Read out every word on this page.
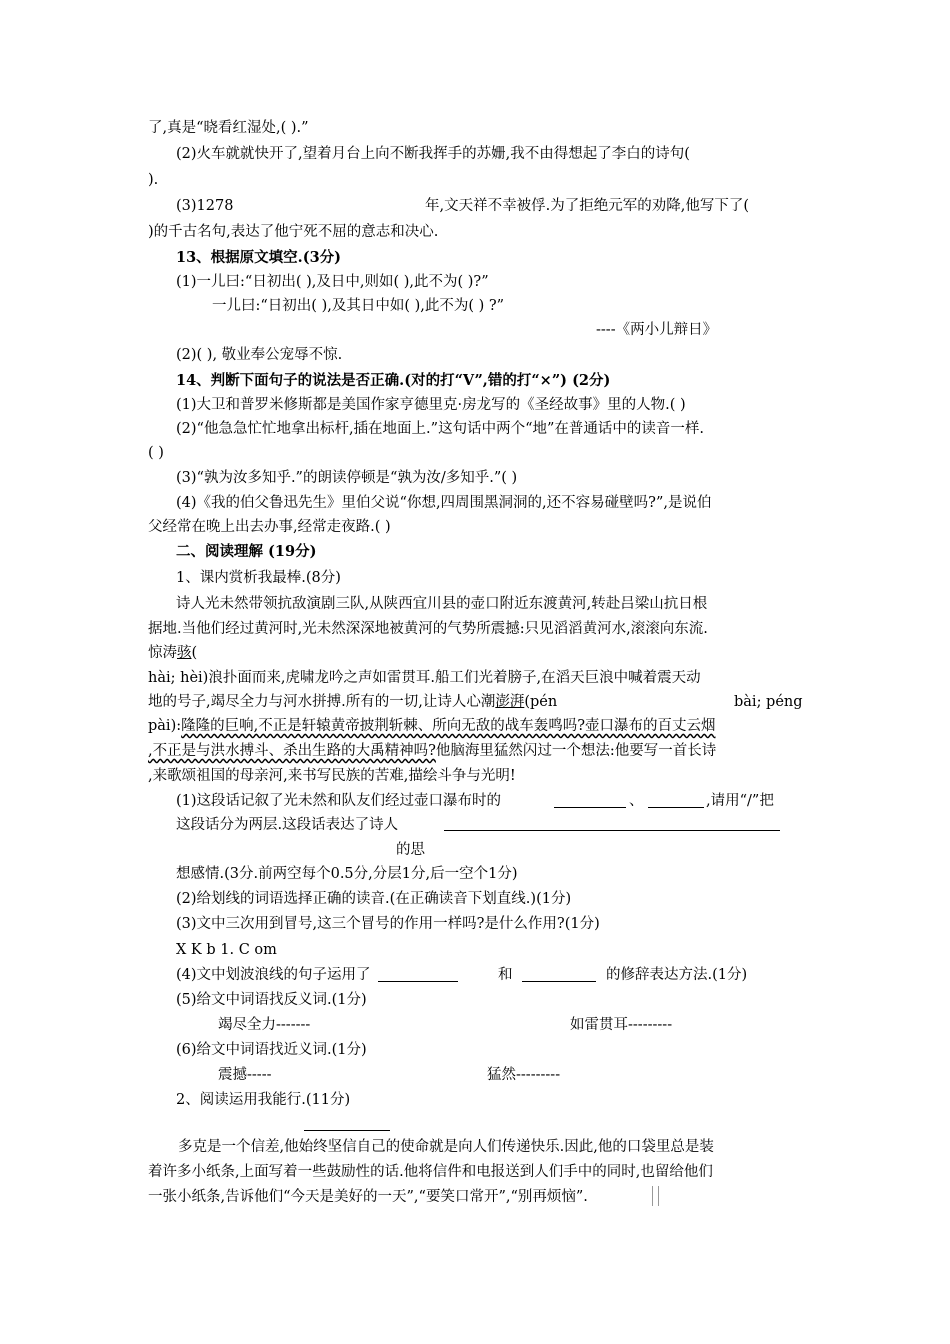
了,真是“晓看红湿处,( ).”
(2)火车就就快开了,望着月台上向不断我挥手的苏姗,我不由得想起了李白的诗句(
).
(3)1278	年,文天祥不幸被俘.为了拒绝元军的劝降,他写下了(
)的千古名句,表达了他宁死不屈的意志和决心.
13、根据原文填空.(3分)
(1)一儿曰:“日初出( ),及日中,则如( ),此不为( )?”
一儿曰:“日初出( ),及其日中如( ),此不为( ) ?”
----《两小儿辩日》
(2)( ), 敬业奉公宠辱不惊.
14、判断下面句子的说法是否正确.(对的打“V”,错的打“×”) (2分)
(1)大卫和普罗米修斯都是美国作家亨德里克·房龙写的《圣经故事》里的人物.( )
(2)“他急急忙忙地拿出标杆,插在地面上.”这句话中两个“地”在普通话中的读音一样.
( )
(3)“孰为汝多知乎.”的朗读停顿是“孰为汝/多知乎.”( )
(4)《我的伯父鲁迅先生》里伯父说“你想,四周围黑洞洞的,还不容易碰壁吗?”,是说伯
父经常在晚上出去办事,经常走夜路.( )
二、阅读理解 (19分)
1、课内赏析我最棒.(8分)
诗人光未然带领抗敌演剧三队,从陕西宜川县的壶口附近东渡黄河,转赴吕梁山抗日根
据地.当他们经过黄河时,光未然深深地被黄河的气势所震撼:只见滔滔黄河水,滚滚向东流.
惊涛骇(
hài; hèi)浪扑面而来,虎啸龙吟之声如雷贯耳.船工们光着膀子,在滔天巨浪中喊着震天动
地的号子,竭尽全力与河水拼搏.所有的一切,让诗人心潮澎湃(pén	bài; péng
pài):隆隆的巨响,不正是轩辕黄帝披荆斩棘、所向无敌的战车轰鸣吗?壶口瀑布的百丈云烟
,不正是与洪水搏斗、杀出生路的大禹精神吗?他脑海里猛然闪过一个想法:他要写一首长诗
,来歌颂祖国的母亲河,来书写民族的苦难,描绘斗争与光明!
(1)这段话记叙了光未然和队友们经过壶口瀑布时的	、	,请用“/”把
这段话分为两层.这段话表达了诗人
的思
想感情.(3分.前两空每个0.5分,分层1分,后一空个1分)
(2)给划线的词语选择正确的读音.(在正确读音下划直线.)(1分)
(3)文中三次用到冒号,这三个冒号的作用一样吗?是什么作用?(1分)
X K b 1. C om
(4)文中划波浪线的句子运用了	和	的修辞表达方法.(1分)
(5)给文中词语找反义词.(1分)
竭尽全力-------	如雷贯耳---------
(6)给文中词语找近义词.(1分)
震撼-----	猛然---------
2、阅读运用我能行.(11分)
多克是一个信差,他始终坚信自己的使命就是向人们传递快乐.因此,他的口袋里总是装
着许多小纸条,上面写着一些鼓励性的话.他将信件和电报送到人们手中的同时,也留给他们
一张小纸条,告诉他们“今天是美好的一天”,“要笑口常开”,“别再烦恼”.
